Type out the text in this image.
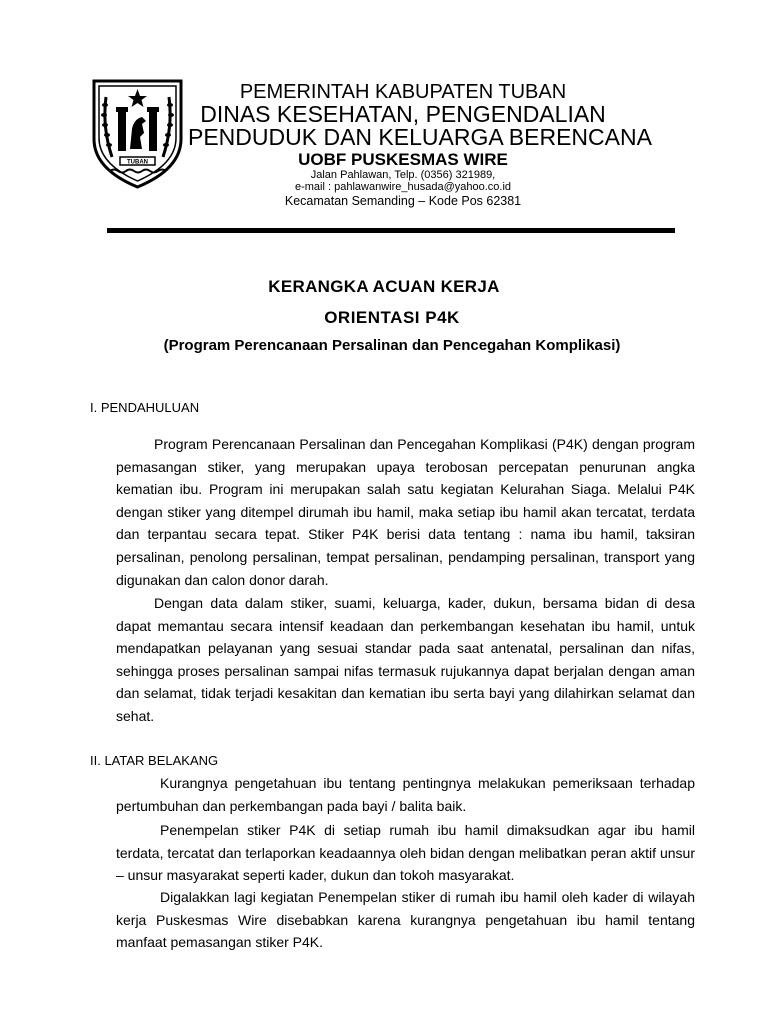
TUBAN
PEMERINTAH KABUPATEN TUBAN
DINAS KESEHATAN, PENGENDALIAN
PENDUDUK DAN KELUARGA BERENCANA
UOBF PUSKESMAS WIRE
Jalan Pahlawan, Telp. (0356) 321989,
e-mail : pahlawanwire_husada@yahoo.co.id
Kecamatan Semanding – Kode Pos 62381
KERANGKA ACUAN KERJA
ORIENTASI P4K
(Program Perencanaan Persalinan dan Pencegahan Komplikasi)
I. PENDAHULUAN
Program Perencanaan Persalinan dan Pencegahan Komplikasi (P4K) dengan program pemasangan stiker, yang merupakan upaya terobosan percepatan penurunan angka kematian ibu. Program ini merupakan salah satu kegiatan Kelurahan Siaga. Melalui P4K dengan stiker yang ditempel dirumah ibu hamil, maka setiap ibu hamil akan tercatat, terdata dan terpantau secara tepat. Stiker P4K berisi data tentang : nama ibu hamil, taksiran persalinan, penolong persalinan, tempat persalinan, pendamping persalinan, transport yang digunakan dan calon donor darah.
Dengan data dalam stiker, suami, keluarga, kader, dukun, bersama bidan di desa dapat memantau secara intensif keadaan dan perkembangan kesehatan ibu hamil, untuk mendapatkan pelayanan yang sesuai standar pada saat antenatal, persalinan dan nifas, sehingga proses persalinan sampai nifas termasuk rujukannya dapat berjalan dengan aman dan selamat, tidak terjadi kesakitan dan kematian ibu serta bayi yang dilahirkan selamat dan sehat.
II. LATAR BELAKANG
Kurangnya pengetahuan ibu tentang pentingnya melakukan pemeriksaan terhadap pertumbuhan dan perkembangan pada bayi / balita baik.
Penempelan stiker P4K di setiap rumah ibu hamil dimaksudkan agar ibu hamil terdata, tercatat dan terlaporkan keadaannya oleh bidan dengan melibatkan peran aktif unsur – unsur masyarakat seperti kader, dukun dan tokoh masyarakat.
Digalakkan lagi kegiatan Penempelan stiker di rumah ibu hamil oleh kader di wilayah kerja Puskesmas Wire disebabkan karena kurangnya pengetahuan ibu hamil tentang manfaat pemasangan stiker P4K.
